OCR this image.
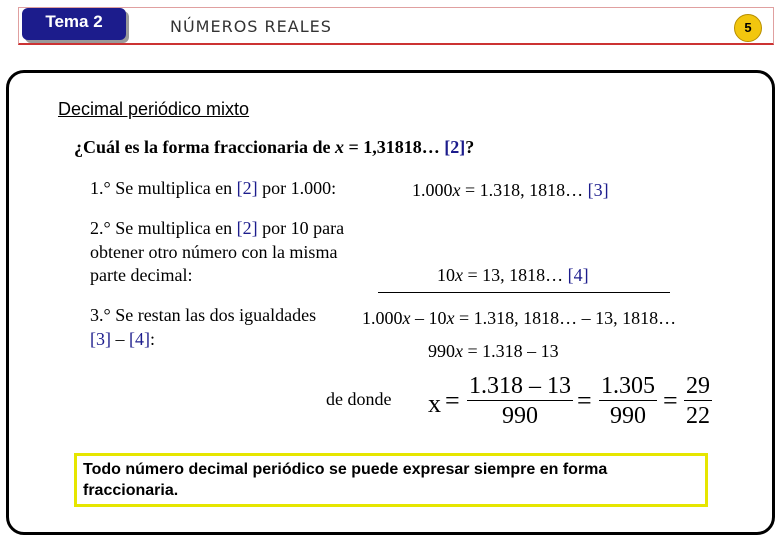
Tema 2	NÚMEROS REALES	5
Decimal periódico mixto
¿Cuál es la forma fraccionaria de x = 1,31818… [2]?
1.° Se multiplica en [2] por 1.000:	1.000x = 1.318, 1818… [3]
2.° Se multiplica en [2] por 10 para
obtener otro número con la misma
parte decimal:	10x = 13, 1818… [4]
3.° Se restan las dos igualdades
[3] – [4]:
1.000x – 10x = 1.318, 1818… – 13, 1818…
990x = 1.318 – 13
de donde $x = \frac{1.318 - 13}{990} = \frac{1.305}{990} = \frac{29}{22}$
Todo número decimal periódico se puede expresar siempre en forma fraccionaria.
